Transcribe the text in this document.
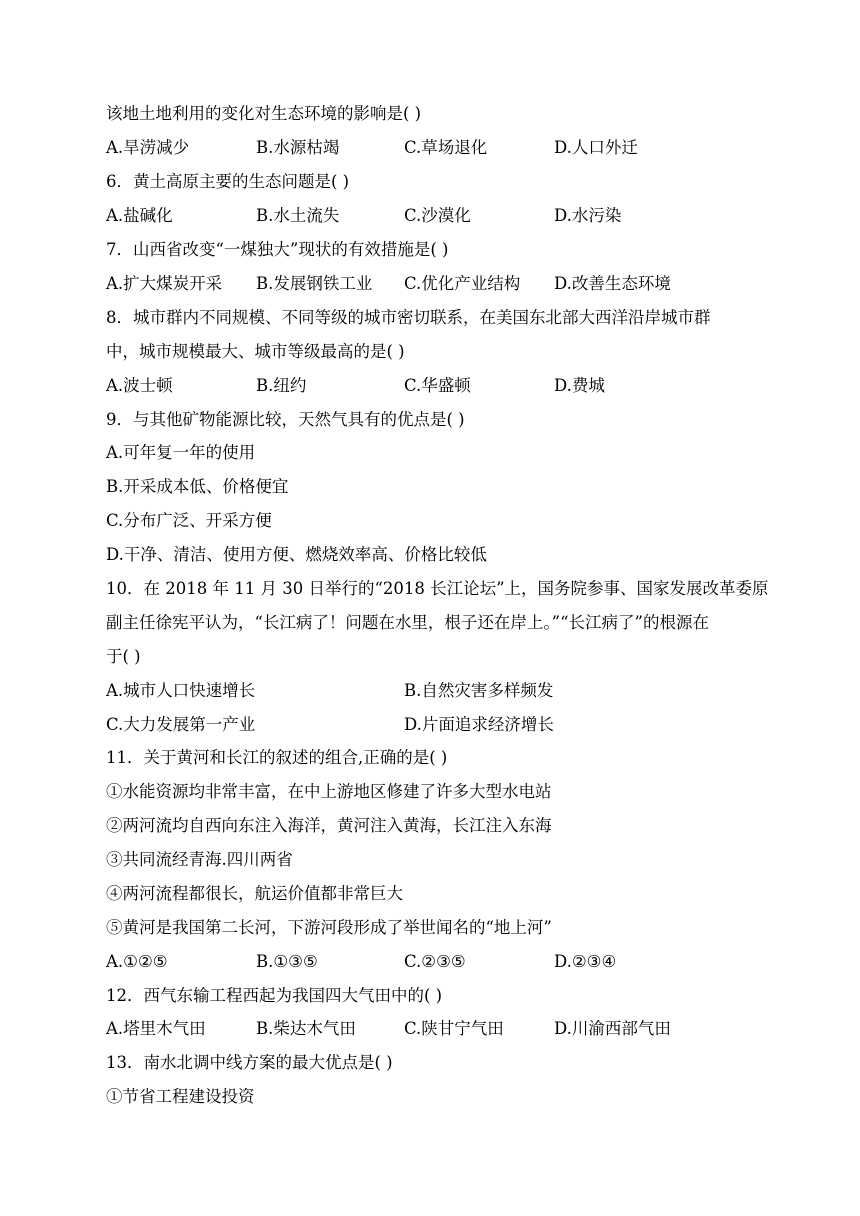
该地土地利用的变化对生态环境的影响是( )
A.旱涝减少	B.水源枯竭	C.草场退化	D.人口外迁
6．黄土高原主要的生态问题是( )
A.盐碱化	B.水土流失	C.沙漠化	D.水污染
7．山西省改变“一煤独大”现状的有效措施是( )
A.扩大煤炭开采 B.发展钢铁工业 C.优化产业结构 D.改善生态环境
8．城市群内不同规模、不同等级的城市密切联系，在美国东北部大西洋沿岸城市群
中，城市规模最大、城市等级最高的是( )
A.波士顿	B.纽约	C.华盛顿	D.费城
9．与其他矿物能源比较，天然气具有的优点是( )
A.可年复一年的使用
B.开采成本低、价格便宜
C.分布广泛、开采方便
D.干净、清洁、使用方便、燃烧效率高、价格比较低
10．在 2018 年 11 月 30 日举行的“2018 长江论坛”上，国务院参事、国家发展改革委原
副主任徐宪平认为，“长江病了！问题在水里，根子还在岸上。”“长江病了”的根源在
于( )
A.城市人口快速增长	B.自然灾害多样频发
C.大力发展第一产业	D.片面追求经济增长
11．关于黄河和长江的叙述的组合,正确的是( )
①水能资源均非常丰富，在中上游地区修建了许多大型水电站
②两河流均自西向东注入海洋，黄河注入黄海，长江注入东海
③共同流经青海.四川两省
④两河流程都很长，航运价值都非常巨大
⑤黄河是我国第二长河，下游河段形成了举世闻名的“地上河”
A.①②⑤	B.①③⑤	C.②③⑤	D.②③④
12．西气东输工程西起为我国四大气田中的( )
A.塔里木气田	B.柴达木气田	C.陕甘宁气田	D.川渝西部气田
13．南水北调中线方案的最大优点是( )
①节省工程建设投资
